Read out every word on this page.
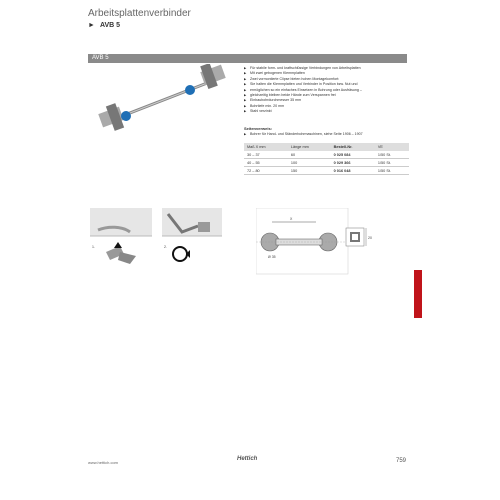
Arbeitsplattenverbinder
► AVB 5
AVB 5
▶ Für stabile form- und kraftschlüssige Verbindungen von Arbeitsplatten
▶ Mit zwei gebogenen Klemmplatten
▶ Zwei vormontierte Clipse bieten hohen Montagekomfort:
▶ Sie halten die Klemmplatten und Verbinder in Position bzw. Nut und
▶ ermöglichen so ein einfaches Einsetzen in Bohrung oder Ausfräsung –
▶ gleichzeitig bleiben beide Hände zum Verspannen frei
▶ Einbaubohrdurchmesser 35 mm
▶ Bohrtiefe min. 20 mm
▶ Stahl verzinkt
Seitenverweis:
▶ Bohrer für Hand- und Ständerbohrmaschinen, siehe Seite 1906 – 1907
Maß X mm	Länge mm	Bestell-Nr.	VE
30 – 37	60	0 025 084	1/50 St.
40 – 55	100	0 029 366	1/50 St.
72 – 80	150	0 016 048	1/50 St.
1.	2.
X
Ø 35
20
www.hettich.com
Hettich	759
